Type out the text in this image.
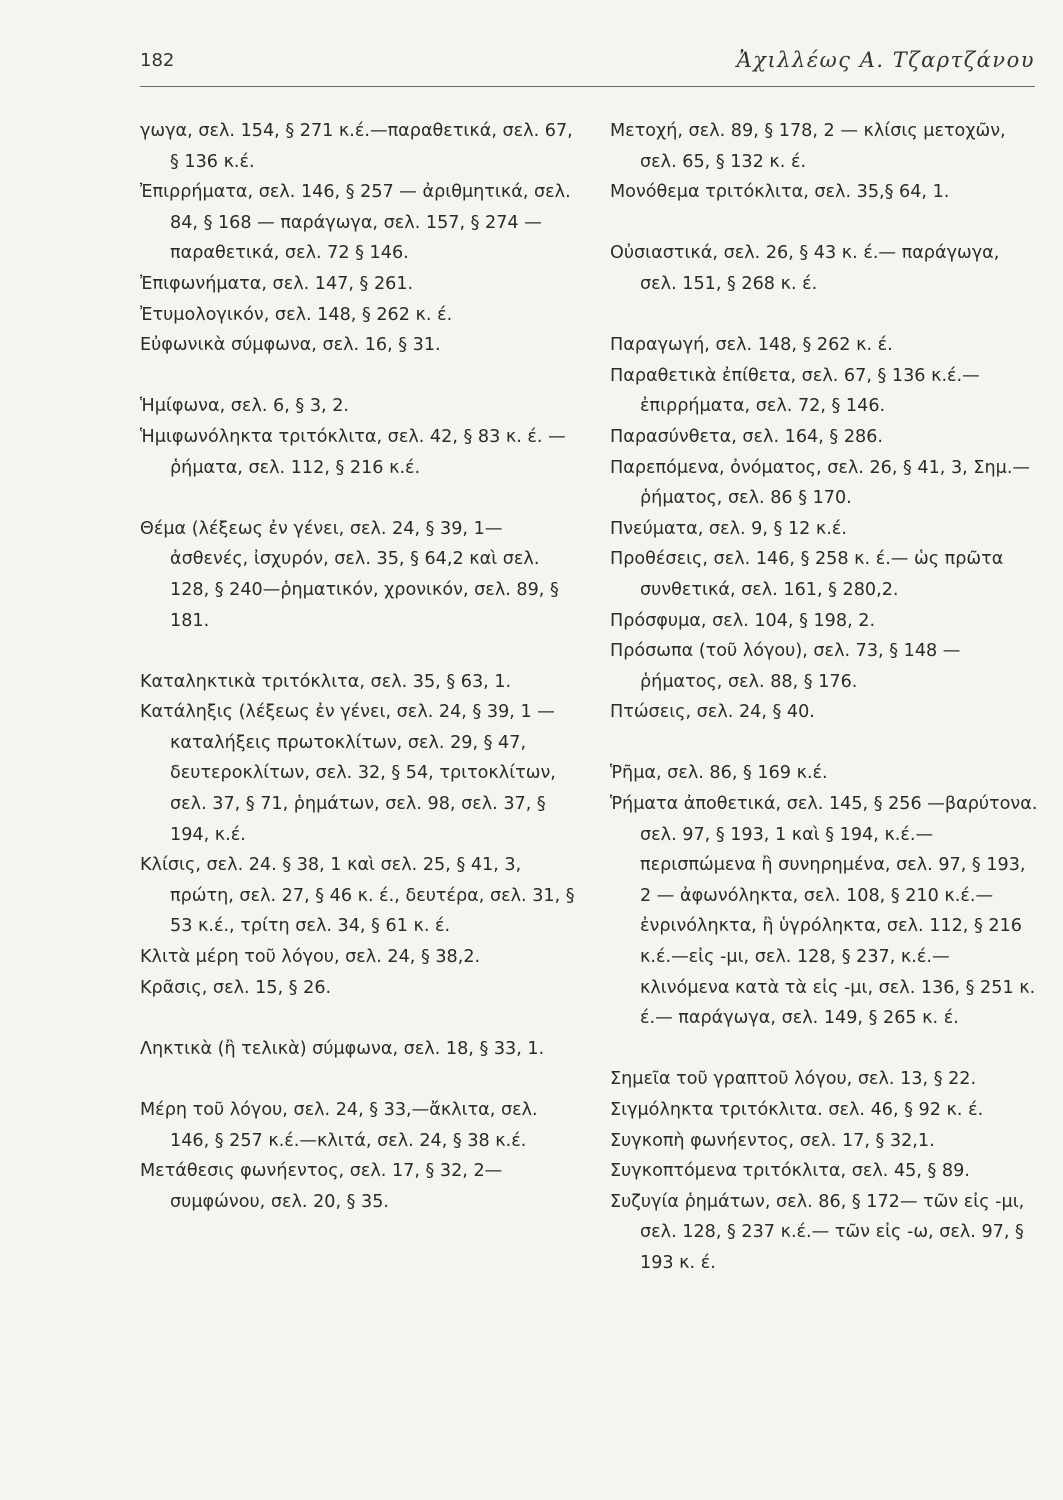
182	Ἀχιλλέως Α. Τζαρτζάνου

γωγα, σελ. 154, § 271 κ.έ.—παραθετικά, σελ. 67, § 136 κ.έ.

Ἐπιρρήματα, σελ. 146, § 257 — ἀριθμητικά, σελ. 84, § 168 — παράγωγα, σελ. 157, § 274 — παραθετικά, σελ. 72 § 146.

Ἐπιφωνήματα, σελ. 147, § 261.

Ἐτυμολογικόν, σελ. 148, § 262 κ. έ.

Εὐφωνικὰ σύμφωνα, σελ. 16, § 31.

Ἡμίφωνα, σελ. 6, § 3, 2.

Ἡμιφωνόληκτα τριτόκλιτα, σελ. 42, § 83 κ. έ. — ῥήματα, σελ. 112, § 216 κ.έ.

Θέμα (λέξεως ἐν γένει, σελ. 24, § 39, 1—ἀσθενές, ἰσχυρόν, σελ. 35, § 64,2 καὶ σελ. 128, § 240—ῥηματικόν, χρονικόν, σελ. 89, § 181.

Καταληκτικὰ τριτόκλιτα, σελ. 35, § 63, 1.

Κατάληξις (λέξεως ἐν γένει, σελ. 24, § 39, 1 — καταλήξεις πρωτοκλίτων, σελ. 29, § 47, δευτεροκλίτων, σελ. 32, § 54, τριτοκλίτων, σελ. 37, § 71, ῥημάτων, σελ. 98, σελ. 37, § 194, κ.έ.

Κλίσις, σελ. 24. § 38, 1 καὶ σελ. 25, § 41, 3, πρώτη, σελ. 27, § 46 κ. έ., δευτέρα, σελ. 31, § 53 κ.έ., τρίτη σελ. 34, § 61 κ. έ.

Κλιτὰ μέρη τοῦ λόγου, σελ. 24, § 38,2.

Κρᾶσις, σελ. 15, § 26.

Ληκτικὰ (ἢ τελικὰ) σύμφωνα, σελ. 18, § 33, 1.

Μέρη τοῦ λόγου, σελ. 24, § 33,—ἄκλιτα, σελ. 146, § 257 κ.έ.—κλιτά, σελ. 24, § 38 κ.έ.

Μετάθεσις φωνήεντος, σελ. 17, § 32, 2—συμφώνου, σελ. 20, § 35.

Μετοχή, σελ. 89, § 178, 2 — κλίσις μετοχῶν, σελ. 65, § 132 κ. έ.

Μονόθεμα τριτόκλιτα, σελ. 35,§ 64, 1.

Οὐσιαστικά, σελ. 26, § 43 κ. έ.— παράγωγα, σελ. 151, § 268 κ. έ.

Παραγωγή, σελ. 148, § 262 κ. έ.

Παραθετικὰ ἐπίθετα, σελ. 67, § 136 κ.έ.—ἐπιρρήματα, σελ. 72, § 146.

Παρασύνθετα, σελ. 164, § 286.

Παρεπόμενα, ὀνόματος, σελ. 26, § 41, 3, Σημ.— ῥήματος, σελ. 86 § 170.

Πνεύματα, σελ. 9, § 12 κ.έ.

Προθέσεις, σελ. 146, § 258 κ. έ.— ὡς πρῶτα συνθετικά, σελ. 161, § 280,2.

Πρόσφυμα, σελ. 104, § 198, 2.

Πρόσωπα (τοῦ λόγου), σελ. 73, § 148 — ῥήματος, σελ. 88, § 176.

Πτώσεις, σελ. 24, § 40.

Ῥῆμα, σελ. 86, § 169 κ.έ.

Ῥήματα ἀποθετικά, σελ. 145, § 256 —βαρύτονα. σελ. 97, § 193, 1 καὶ § 194, κ.έ.—περισπώμενα ἢ συνηρημένα, σελ. 97, § 193, 2 — ἀφωνόληκτα, σελ. 108, § 210 κ.έ.—ἐνρινόληκτα, ἢ ὑγρόληκτα, σελ. 112, § 216 κ.έ.—εἰς -μι, σελ. 128, § 237, κ.έ.— κλινόμενα κατὰ τὰ εἰς -μι, σελ. 136, § 251 κ. έ.— παράγωγα, σελ. 149, § 265 κ. έ.

Σημεῖα τοῦ γραπτοῦ λόγου, σελ. 13, § 22.

Σιγμόληκτα τριτόκλιτα. σελ. 46, § 92 κ. έ.

Συγκοπὴ φωνήεντος, σελ. 17, § 32,1.

Συγκοπτόμενα τριτόκλιτα, σελ. 45, § 89.

Συζυγία ῥημάτων, σελ. 86, § 172— τῶν εἰς -μι, σελ. 128, § 237 κ.έ.— τῶν εἰς -ω, σελ. 97, § 193 κ. έ.
